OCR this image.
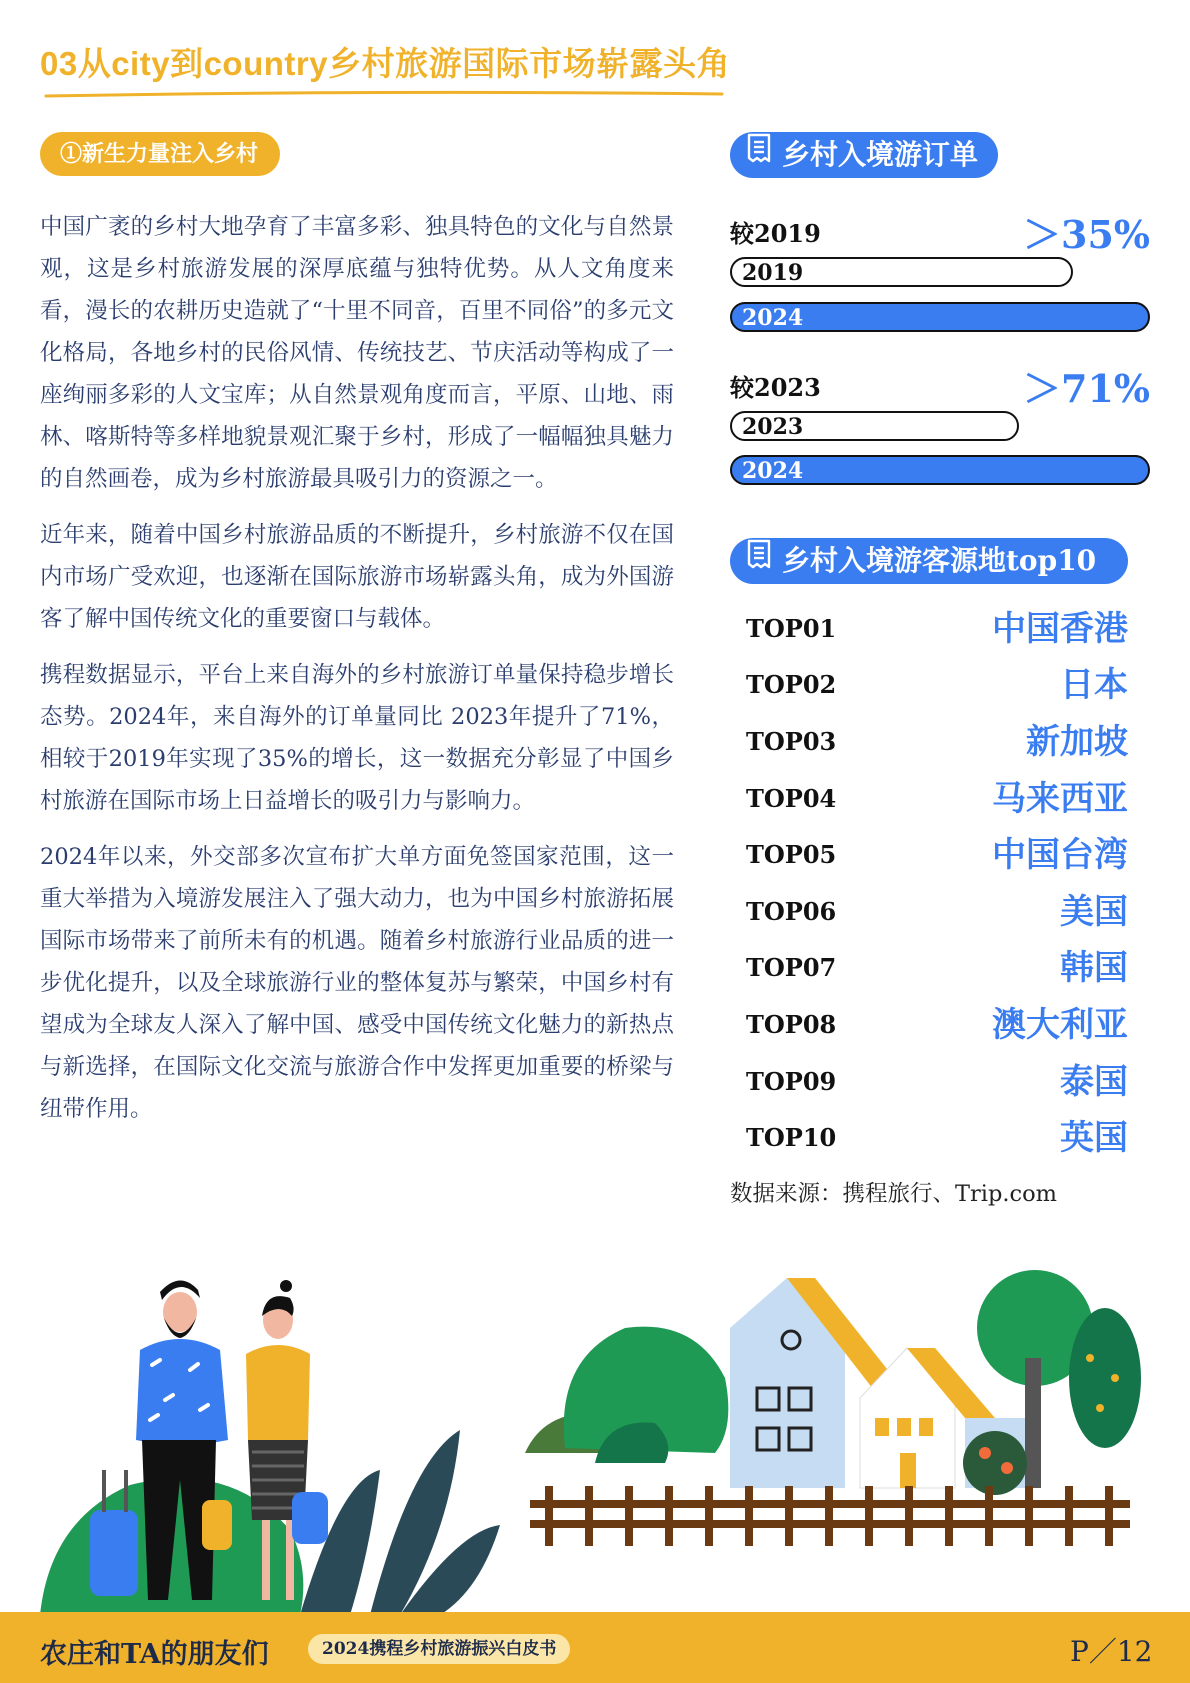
03从city到country乡村旅游国际市场崭露头角
①新生力量注入乡村

中国广袤的乡村大地孕育了丰富多彩、独具特色的文化与自然景观，这是乡村旅游发展的深厚底蕴与独特优势。从人文角度来看，漫长的农耕历史造就了“十里不同音，百里不同俗”的多元文化格局，各地乡村的民俗风情、传统技艺、节庆活动等构成了一座绚丽多彩的人文宝库；从自然景观角度而言，平原、山地、雨林、喀斯特等多样地貌景观汇聚于乡村，形成了一幅幅独具魅力的自然画卷，成为乡村旅游最具吸引力的资源之一。

近年来，随着中国乡村旅游品质的不断提升，乡村旅游不仅在国内市场广受欢迎，也逐渐在国际旅游市场崭露头角，成为外国游客了解中国传统文化的重要窗口与载体。

携程数据显示，平台上来自海外的乡村旅游订单量保持稳步增长态势。2024年，来自海外的订单量同比 2023年提升了71%，相较于2019年实现了35%的增长，这一数据充分彰显了中国乡村旅游在国际市场上日益增长的吸引力与影响力。

2024年以来，外交部多次宣布扩大单方面免签国家范围，这一重大举措为入境游发展注入了强大动力，也为中国乡村旅游拓展国际市场带来了前所未有的机遇。随着乡村旅游行业品质的进一步优化提升，以及全球旅游行业的整体复苏与繁荣，中国乡村有望成为全球友人深入了解中国、感受中国传统文化魅力的新热点与新选择，在国际文化交流与旅游合作中发挥更加重要的桥梁与纽带作用。

乡村入境游订单
较2019	＞35%
2019
2024
较2023	＞71%
2023
2024
乡村入境游客源地top10
TOP01	中国香港
TOP02	日本
TOP03	新加坡
TOP04	马来西亚
TOP05	中国台湾
TOP06	美国
TOP07	韩国
TOP08	澳大利亚
TOP09	泰国
TOP10	英国
数据来源：携程旅行、Trip.com
农庄和TA的朋友们	2024携程乡村旅游振兴白皮书	P／12
